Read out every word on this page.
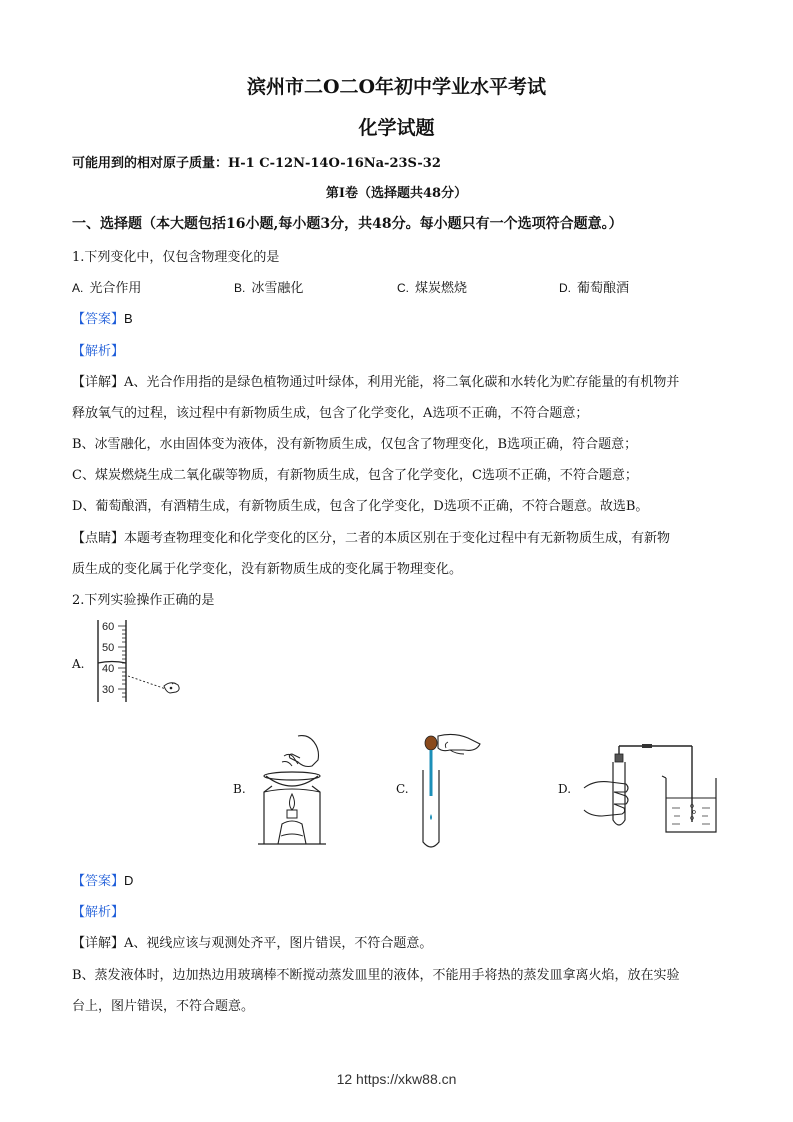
滨州市二O二O年初中学业水平考试
化学试题
可能用到的相对原子质量：H-1 C-12N-14O-16Na-23S-32
第I卷（选择题共48分）
一、选择题（本大题包括16小题,每小题3分，共48分。每小题只有一个选项符合题意。）
1.下列变化中，仅包含物理变化的是
A. 光合作用	B. 冰雪融化	C. 煤炭燃烧	D. 葡萄酿酒
【答案】B
【解析】
【详解】A、光合作用指的是绿色植物通过叶绿体，利用光能，将二氧化碳和水转化为贮存能量的有机物并
释放氧气的过程，该过程中有新物质生成，包含了化学变化，A选项不正确，不符合题意；
B、冰雪融化，水由固体变为液体，没有新物质生成，仅包含了物理变化，B选项正确，符合题意；
C、煤炭燃烧生成二氧化碳等物质，有新物质生成，包含了化学变化，C选项不正确，不符合题意；
D、葡萄酿酒，有酒精生成，有新物质生成，包含了化学变化，D选项不正确，不符合题意。故选B。
【点睛】本题考查物理变化和化学变化的区分，二者的本质区别在于变化过程中有无新物质生成，有新物
质生成的变化属于化学变化，没有新物质生成的变化属于物理变化。
2.下列实验操作正确的是
A.
60
50
40
30
B.	C.	D.
【答案】D
【解析】
【详解】A、视线应该与观测处齐平，图片错误，不符合题意。
B、蒸发液体时，边加热边用玻璃棒不断搅动蒸发皿里的液体，不能用手将热的蒸发皿拿离火焰，放在实验
台上，图片错误，不符合题意。
12 https://xkw88.cn
